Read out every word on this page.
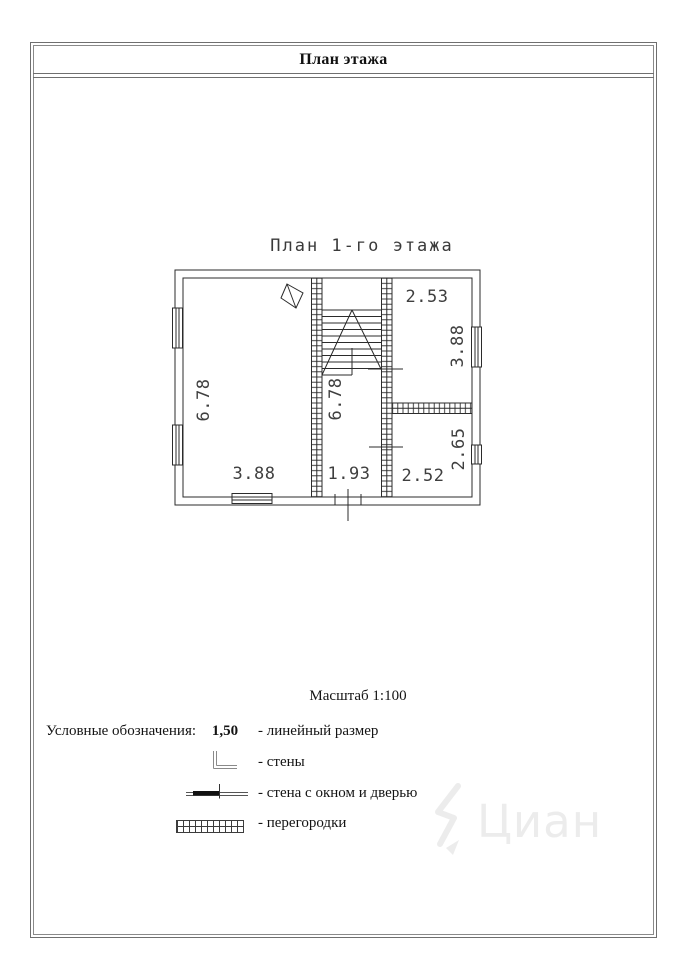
План этажа
План 1-го этажа
6.78	6.78
2.53
3.88
3.88	1.93 2.52
2.65
Масштаб 1:100
Условные обозначения:	1,50	- линейный размер
- стены
- стена с окном и дверью
- перегородки	Циан
